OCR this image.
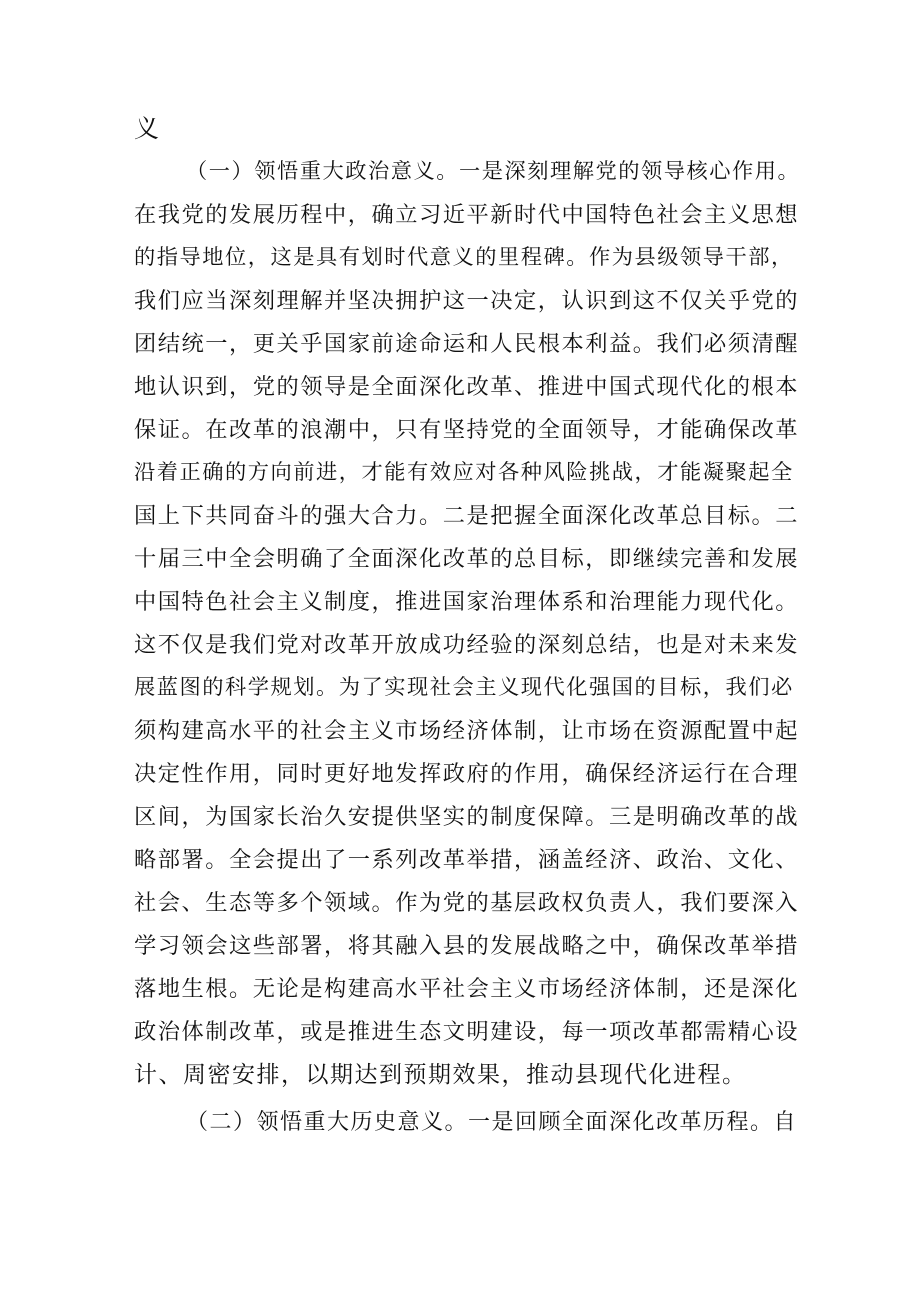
义
（一）领悟重大政治意义。一是深刻理解党的领导核心作用。
在我党的发展历程中，确立习近平新时代中国特色社会主义思想
的指导地位，这是具有划时代意义的里程碑。作为县级领导干部，
我们应当深刻理解并坚决拥护这一决定，认识到这不仅关乎党的
团结统一，更关乎国家前途命运和人民根本利益。我们必须清醒
地认识到，党的领导是全面深化改革、推进中国式现代化的根本
保证。在改革的浪潮中，只有坚持党的全面领导，才能确保改革
沿着正确的方向前进，才能有效应对各种风险挑战，才能凝聚起全
国上下共同奋斗的强大合力。二是把握全面深化改革总目标。二
十届三中全会明确了全面深化改革的总目标，即继续完善和发展
中国特色社会主义制度，推进国家治理体系和治理能力现代化。
这不仅是我们党对改革开放成功经验的深刻总结，也是对未来发
展蓝图的科学规划。为了实现社会主义现代化强国的目标，我们必
须构建高水平的社会主义市场经济体制，让市场在资源配置中起
决定性作用，同时更好地发挥政府的作用，确保经济运行在合理
区间，为国家长治久安提供坚实的制度保障。三是明确改革的战
略部署。全会提出了一系列改革举措，涵盖经济、政治、文化、
社会、生态等多个领域。作为党的基层政权负责人，我们要深入
学习领会这些部署，将其融入县的发展战略之中，确保改革举措
落地生根。无论是构建高水平社会主义市场经济体制，还是深化
政治体制改革，或是推进生态文明建设，每一项改革都需精心设
计、周密安排，以期达到预期效果，推动县现代化进程。
（二）领悟重大历史意义。一是回顾全面深化改革历程。自
